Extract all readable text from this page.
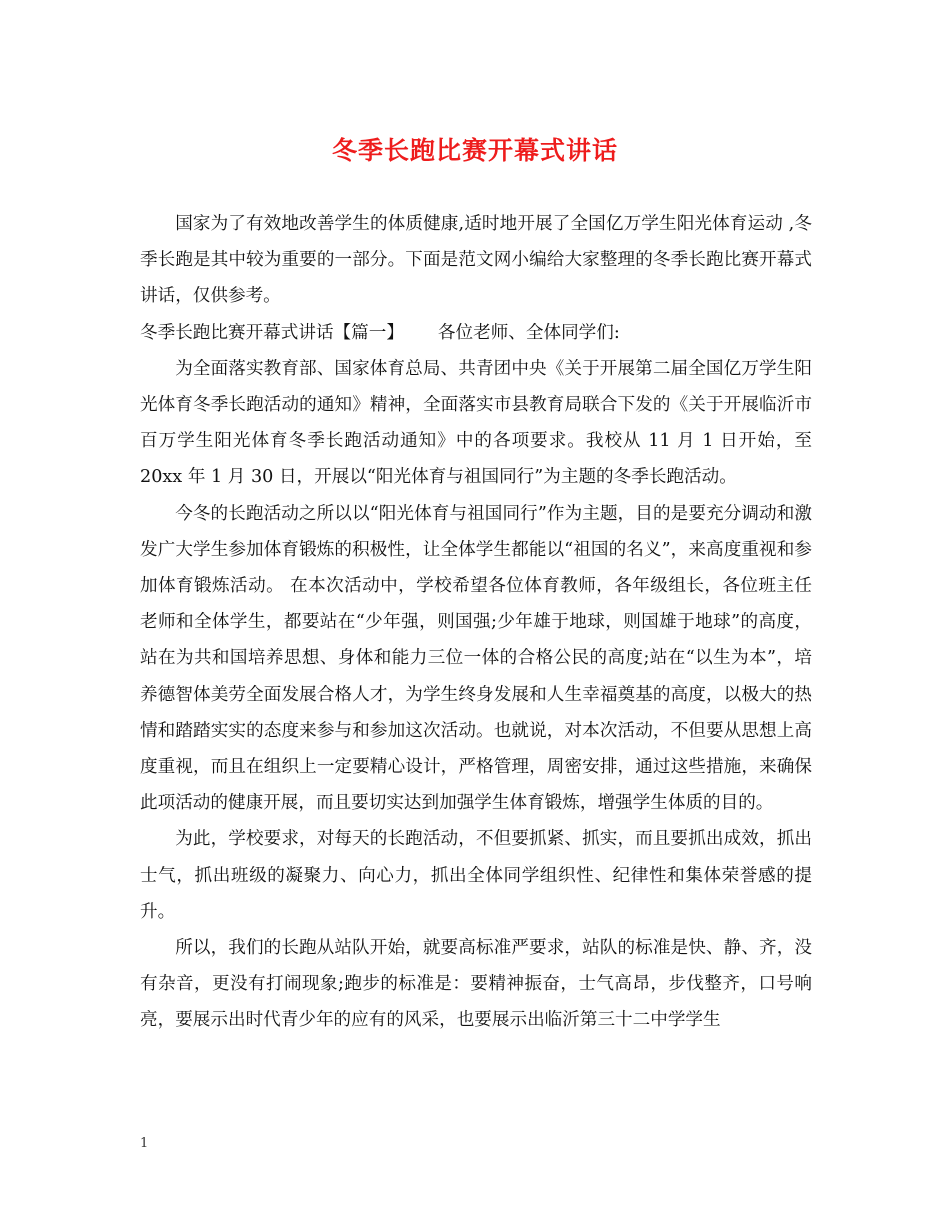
冬季长跑比赛开幕式讲话

国家为了有效地改善学生的体质健康,适时地开展了全国亿万学生阳光体育运动 ,冬季长跑是其中较为重要的一部分。下面是范文网小编给大家整理的冬季长跑比赛开幕式讲话，仅供参考。

冬季长跑比赛开幕式讲话【篇一】 各位老师、全体同学们:

为全面落实教育部、国家体育总局、共青团中央《关于开展第二届全国亿万学生阳光体育冬季长跑活动的通知》精神，全面落实市县教育局联合下发的《关于开展临沂市百万学生阳光体育冬季长跑活动通知》中的各项要求。我校从 11 月 1 日开始，至 20xx 年 1 月 30 日，开展以“阳光体育与祖国同行”为主题的冬季长跑活动。

今冬的长跑活动之所以以“阳光体育与祖国同行”作为主题，目的是要充分调动和激发广大学生参加体育锻炼的积极性，让全体学生都能以“祖国的名义”，来高度重视和参加体育锻炼活动。 在本次活动中，学校希望各位体育教师，各年级组长，各位班主任老师和全体学生，都要站在“少年强，则国强;少年雄于地球，则国雄于地球”的高度，站在为共和国培养思想、身体和能力三位一体的合格公民的高度;站在“以生为本”，培养德智体美劳全面发展合格人才，为学生终身发展和人生幸福奠基的高度，以极大的热情和踏踏实实的态度来参与和参加这次活动。也就说，对本次活动，不但要从思想上高度重视，而且在组织上一定要精心设计，严格管理，周密安排，通过这些措施，来确保此项活动的健康开展，而且要切实达到加强学生体育锻炼，增强学生体质的目的。

为此，学校要求，对每天的长跑活动，不但要抓紧、抓实，而且要抓出成效，抓出士气，抓出班级的凝聚力、向心力，抓出全体同学组织性、纪律性和集体荣誉感的提升。

所以，我们的长跑从站队开始，就要高标准严要求，站队的标准是快、静、齐，没有杂音，更没有打闹现象;跑步的标准是：要精神振奋，士气高昂，步伐整齐，口号响亮，要展示出时代青少年的应有的风采，也要展示出临沂第三十二中学学生

1
